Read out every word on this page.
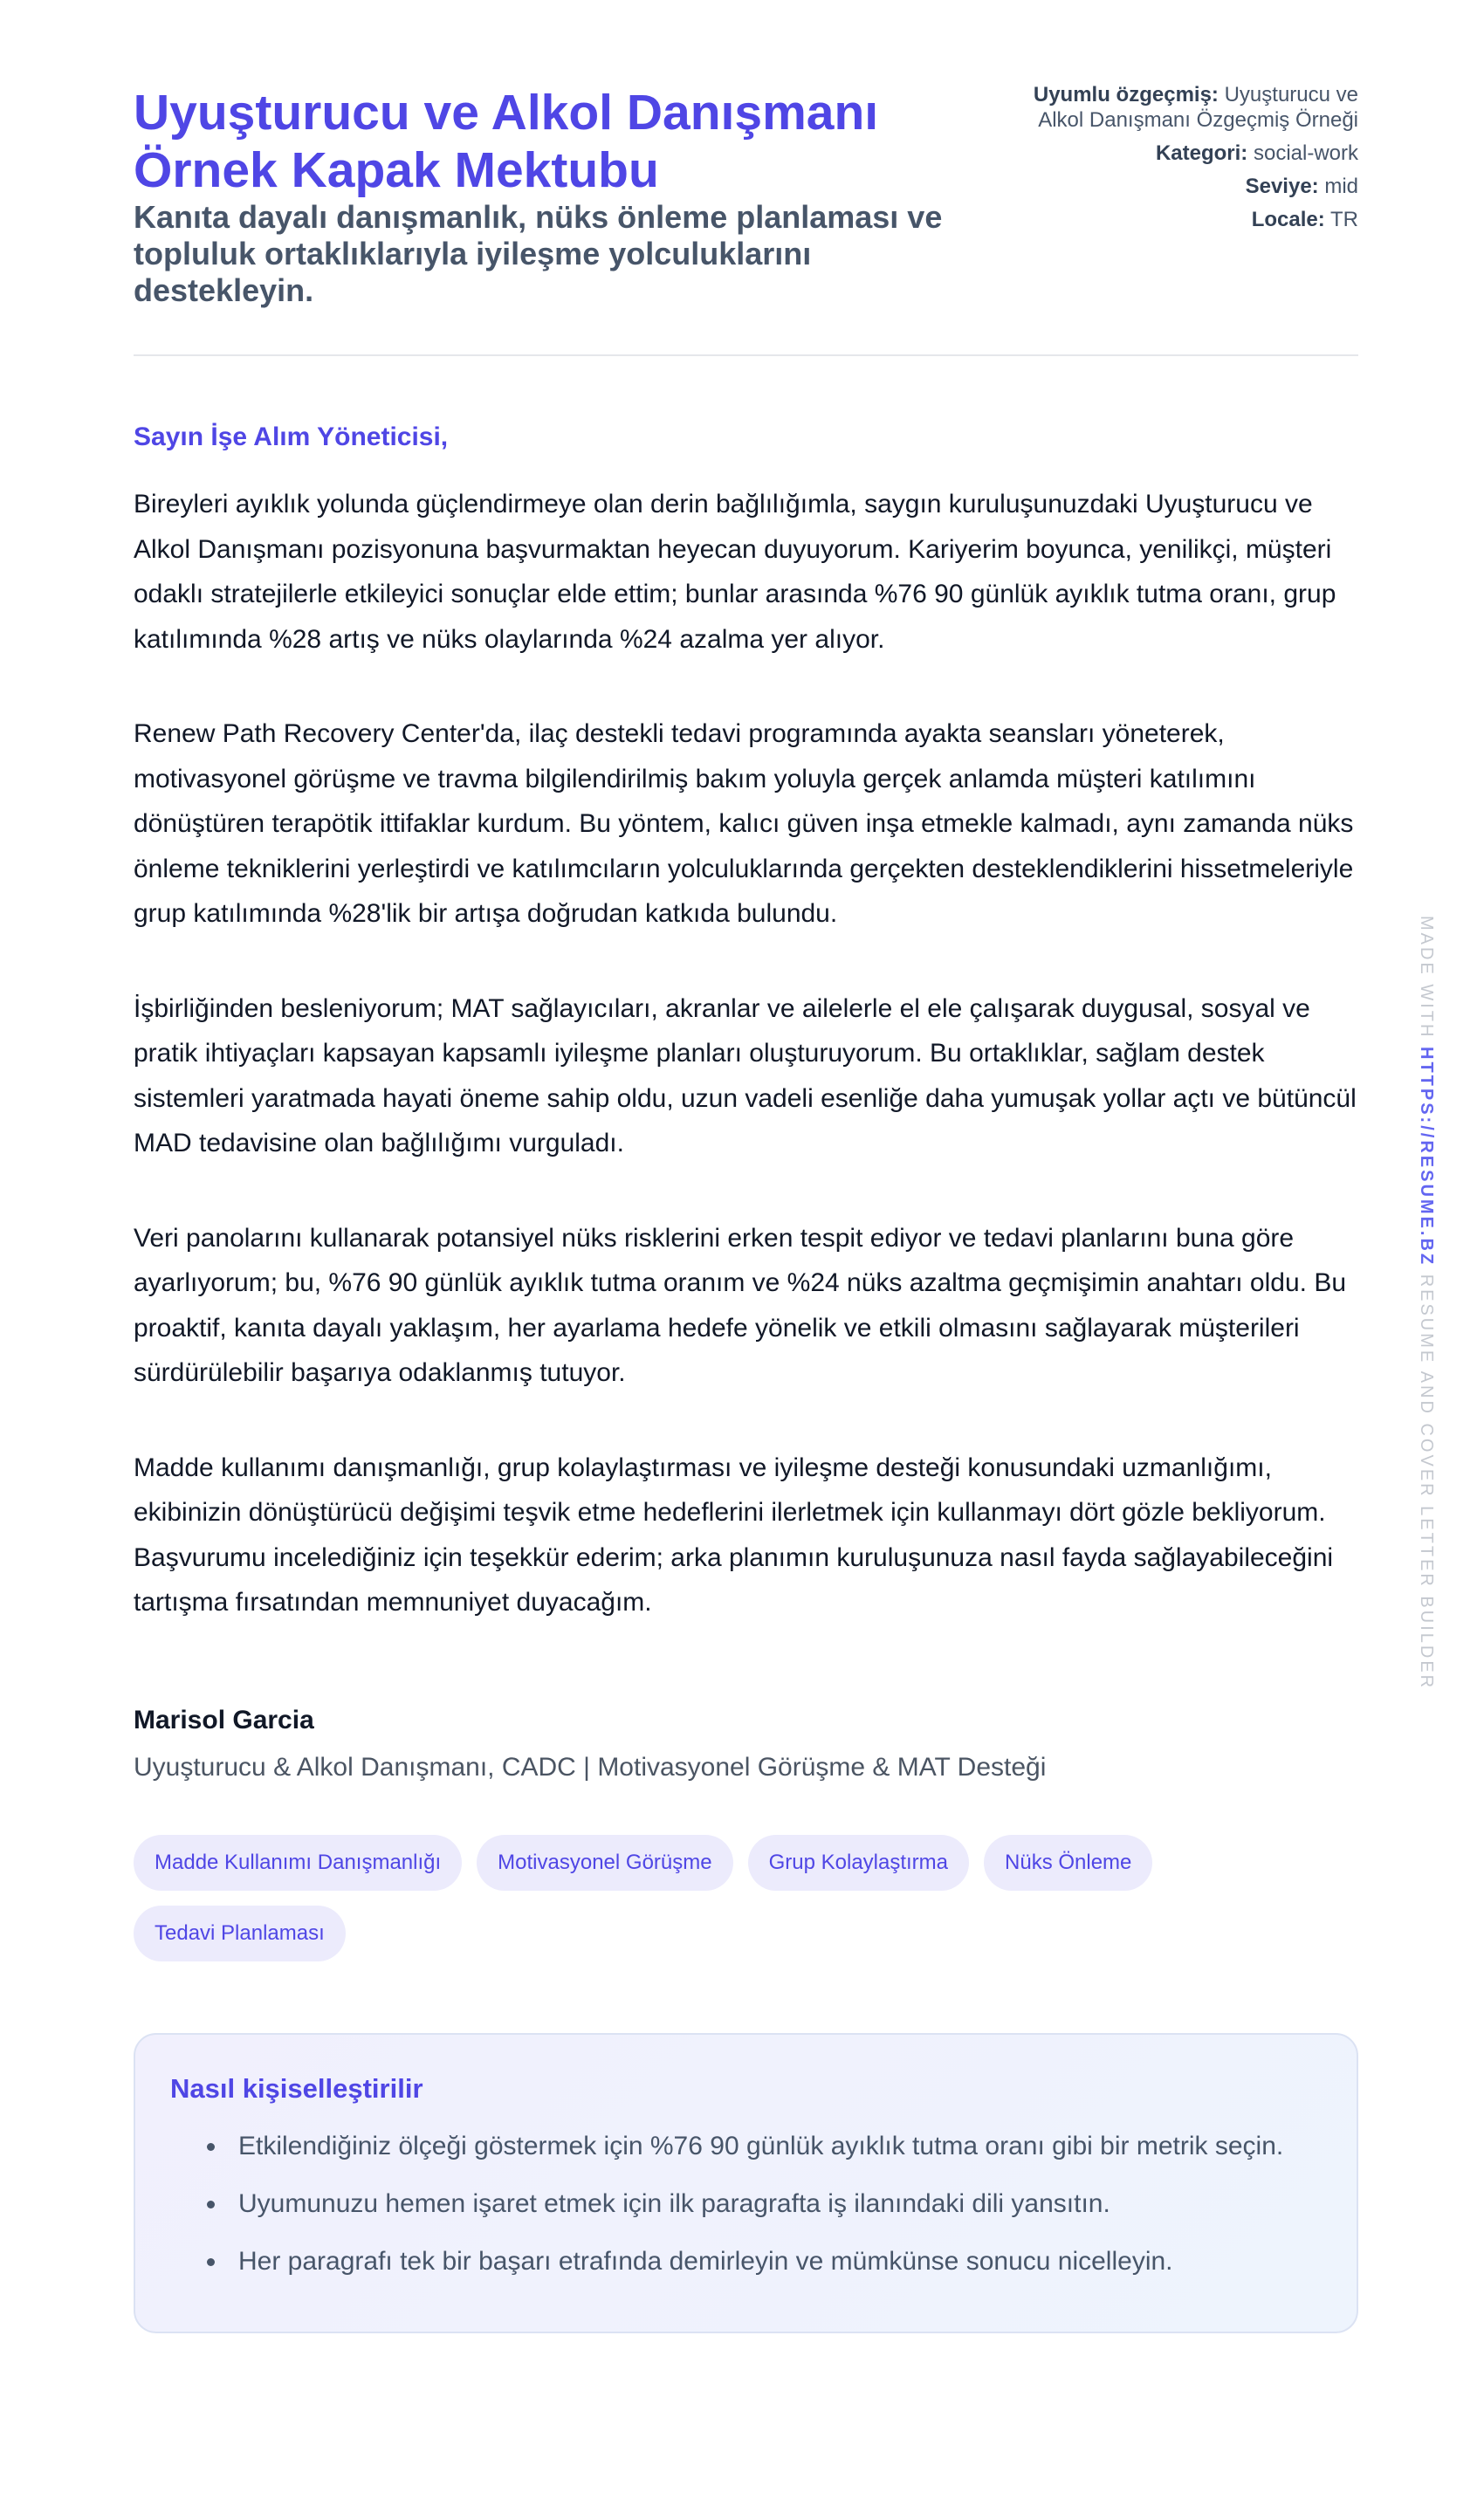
Uyuşturucu ve Alkol Danışmanı Örnek Kapak Mektubu

Kanıta dayalı danışmanlık, nüks önleme planlaması ve topluluk ortaklıklarıyla iyileşme yolculuklarını destekleyin.

Uyumlu özgeçmiş: Uyuşturucu ve Alkol Danışmanı Özgeçmiş Örneği
Kategori: social-work
Seviye: mid
Locale: TR

Sayın İşe Alım Yöneticisi,

Bireyleri ayıklık yolunda güçlendirmeye olan derin bağlılığımla, saygın kuruluşunuzdaki Uyuşturucu ve Alkol Danışmanı pozisyonuna başvurmaktan heyecan duyuyorum. Kariyerim boyunca, yenilikçi, müşteri odaklı stratejilerle etkileyici sonuçlar elde ettim; bunlar arasında %76 90 günlük ayıklık tutma oranı, grup katılımında %28 artış ve nüks olaylarında %24 azalma yer alıyor.

Renew Path Recovery Center'da, ilaç destekli tedavi programında ayakta seansları yöneterek, motivasyonel görüşme ve travma bilgilendirilmiş bakım yoluyla gerçek anlamda müşteri katılımını dönüştüren terapötik ittifaklar kurdum. Bu yöntem, kalıcı güven inşa etmekle kalmadı, aynı zamanda nüks önleme tekniklerini yerleştirdi ve katılımcıların yolculuklarında gerçekten desteklendiklerini hissetmeleriyle grup katılımında %28'lik bir artışa doğrudan katkıda bulundu.

İşbirliğinden besleniyorum; MAT sağlayıcıları, akranlar ve ailelerle el ele çalışarak duygusal, sosyal ve pratik ihtiyaçları kapsayan kapsamlı iyileşme planları oluşturuyorum. Bu ortaklıklar, sağlam destek sistemleri yaratmada hayati öneme sahip oldu, uzun vadeli esenliğe daha yumuşak yollar açtı ve bütüncül MAD tedavisine olan bağlılığımı vurguladı.

Veri panolarını kullanarak potansiyel nüks risklerini erken tespit ediyor ve tedavi planlarını buna göre ayarlıyorum; bu, %76 90 günlük ayıklık tutma oranım ve %24 nüks azaltma geçmişimin anahtarı oldu. Bu proaktif, kanıta dayalı yaklaşım, her ayarlama hedefe yönelik ve etkili olmasını sağlayarak müşterileri sürdürülebilir başarıya odaklanmış tutuyor.

Madde kullanımı danışmanlığı, grup kolaylaştırması ve iyileşme desteği konusundaki uzmanlığımı, ekibinizin dönüştürücü değişimi teşvik etme hedeflerini ilerletmek için kullanmayı dört gözle bekliyorum. Başvurumu incelediğiniz için teşekkür ederim; arka planımın kuruluşunuza nasıl fayda sağlayabileceğini tartışma fırsatından memnuniyet duyacağım.

Marisol Garcia

Uyuşturucu & Alkol Danışmanı, CADC | Motivasyonel Görüşme & MAT Desteği

Madde Kullanımı Danışmanlığı	Motivasyonel Görüşme	Grup Kolaylaştırma	Nüks Önleme
Tedavi Planlaması
Nasıl kişiselleştirilir
Etkilendiğiniz ölçeği göstermek için %76 90 günlük ayıklık tutma oranı gibi bir metrik seçin.
Uyumunuzu hemen işaret etmek için ilk paragrafta iş ilanındaki dili yansıtın.
Her paragrafı tek bir başarı etrafında demirleyin ve mümkünse sonucu nicelleyin.
MADE WITH HTTPS://RESUME.BZ RESUME AND COVER LETTER BUILDER
